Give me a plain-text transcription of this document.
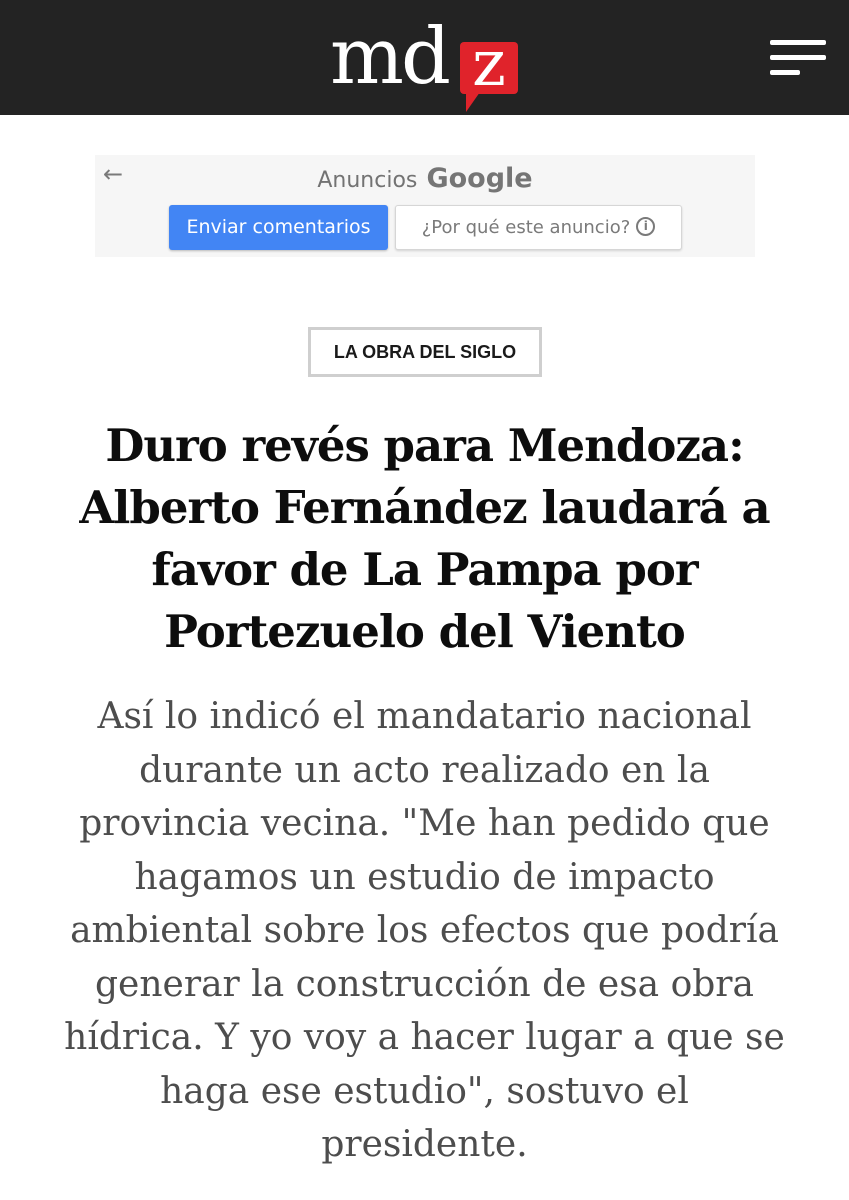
md z
←	Anuncios Google
Enviar comentarios	¿Por qué este anuncio? i
LA OBRA DEL SIGLO
Duro revés para Mendoza: Alberto Fernández laudará a favor de La Pampa por Portezuelo del Viento

Así lo indicó el mandatario nacional durante un acto realizado en la provincia vecina. "Me han pedido que hagamos un estudio de impacto ambiental sobre los efectos que podría generar la construcción de esa obra hídrica. Y yo voy a hacer lugar a que se haga ese estudio", sostuvo el presidente.
